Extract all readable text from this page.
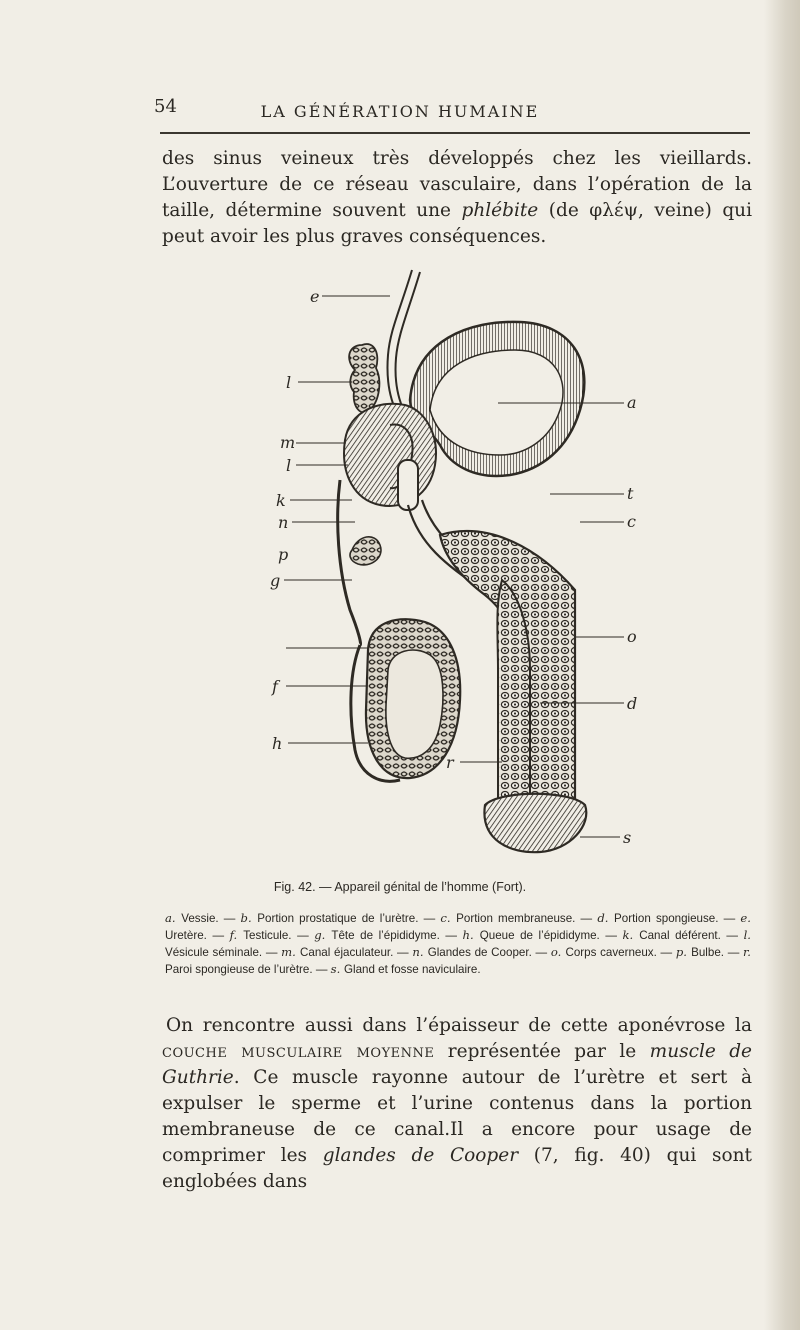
54	LA GÉNÉRATION HUMAINE

des sinus veineux très développés chez les vieillards. L’ouverture de ce réseau vasculaire, dans l’opération de la taille, détermine souvent une phlébite (de φλέψ, veine) qui peut avoir les plus graves conséquences.

e
l
m
l
k
n
p
g
f
h
r
a
t
c
o
d
s
Fig. 42. — Appareil génital de l’homme (Fort).
a. Vessie. — b. Portion prostatique de l’urètre. — c. Portion membraneuse. — d. Portion spongieuse. — e. Uretère. — f. Testicule. — g. Tête de l’épididyme. — h. Queue de l’épididyme. — k. Canal déférent. — l. Vésicule séminale. — m. Canal éjaculateur. — n. Glandes de Cooper. — o. Corps caverneux. — p. Bulbe. — r. Paroi spongieuse de l’urètre. — s. Gland et fosse naviculaire.

On rencontre aussi dans l’épaisseur de cette aponévrose la couche musculaire moyenne représentée par le muscle de Guthrie. Ce muscle rayonne autour de l’urètre et sert à expulser le sperme et l’urine contenus dans la portion membraneuse de ce canal.Il a encore pour usage de comprimer les glandes de Cooper (7, fig. 40) qui sont englobées dans
